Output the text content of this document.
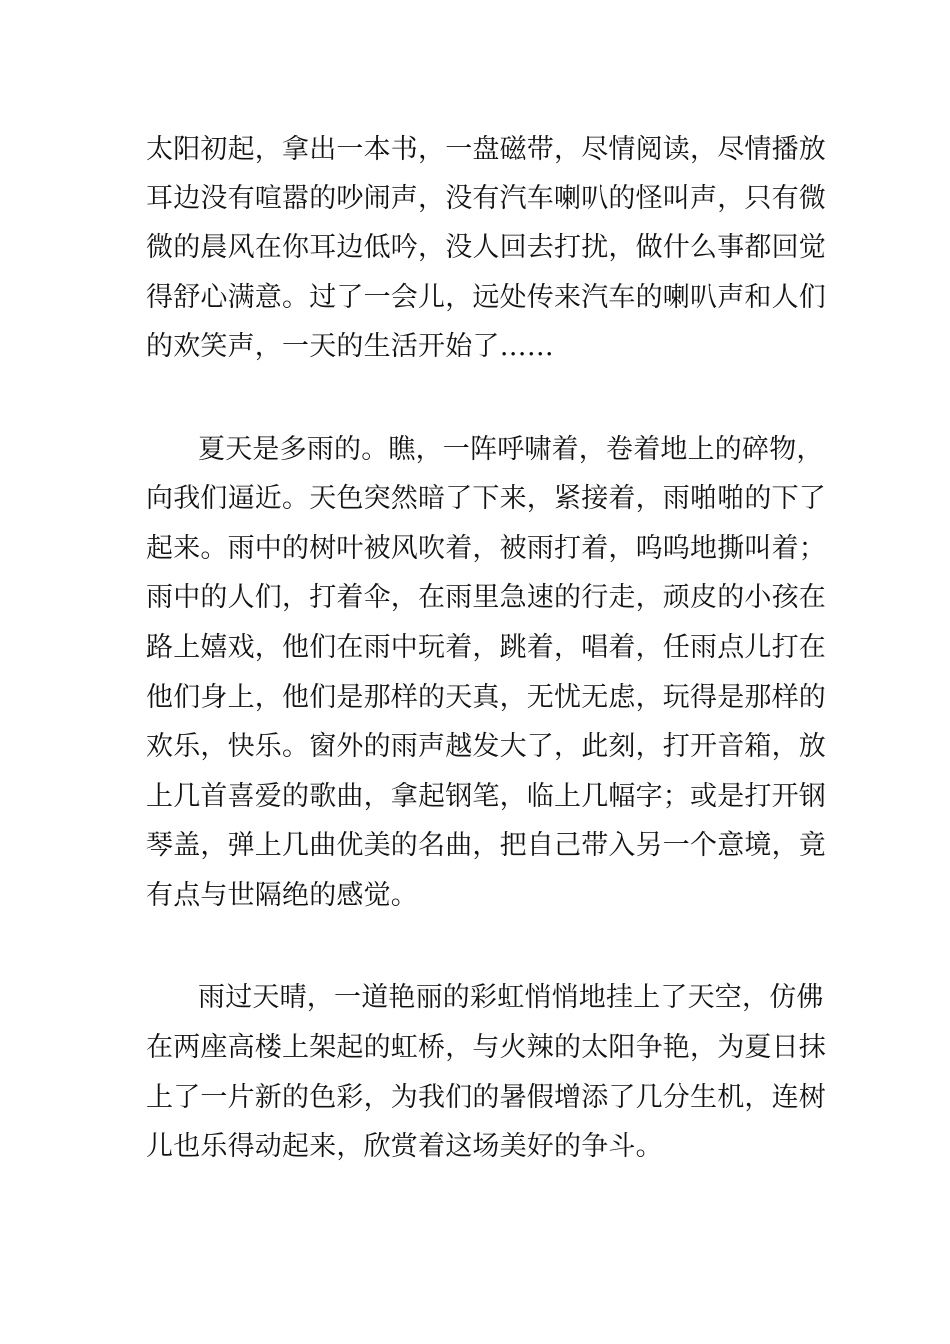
太阳初起，拿出一本书，一盘磁带，尽情阅读，尽情播放
耳边没有喧嚣的吵闹声，没有汽车喇叭的怪叫声，只有微
微的晨风在你耳边低吟，没人回去打扰，做什么事都回觉
得舒心满意。过了一会儿，远处传来汽车的喇叭声和人们
的欢笑声，一天的生活开始了……
夏天是多雨的。瞧，一阵呼啸着，卷着地上的碎物，
向我们逼近。天色突然暗了下来，紧接着，雨啪啪的下了
起来。雨中的树叶被风吹着，被雨打着，呜呜地撕叫着；
雨中的人们，打着伞，在雨里急速的行走，顽皮的小孩在
路上嬉戏，他们在雨中玩着，跳着，唱着，任雨点儿打在
他们身上，他们是那样的天真，无忧无虑，玩得是那样的
欢乐，快乐。窗外的雨声越发大了，此刻，打开音箱，放
上几首喜爱的歌曲，拿起钢笔，临上几幅字；或是打开钢
琴盖，弹上几曲优美的名曲，把自己带入另一个意境，竟
有点与世隔绝的感觉。
雨过天晴，一道艳丽的彩虹悄悄地挂上了天空，仿佛
在两座高楼上架起的虹桥，与火辣的太阳争艳，为夏日抹
上了一片新的色彩，为我们的暑假增添了几分生机，连树
儿也乐得动起来，欣赏着这场美好的争斗。
